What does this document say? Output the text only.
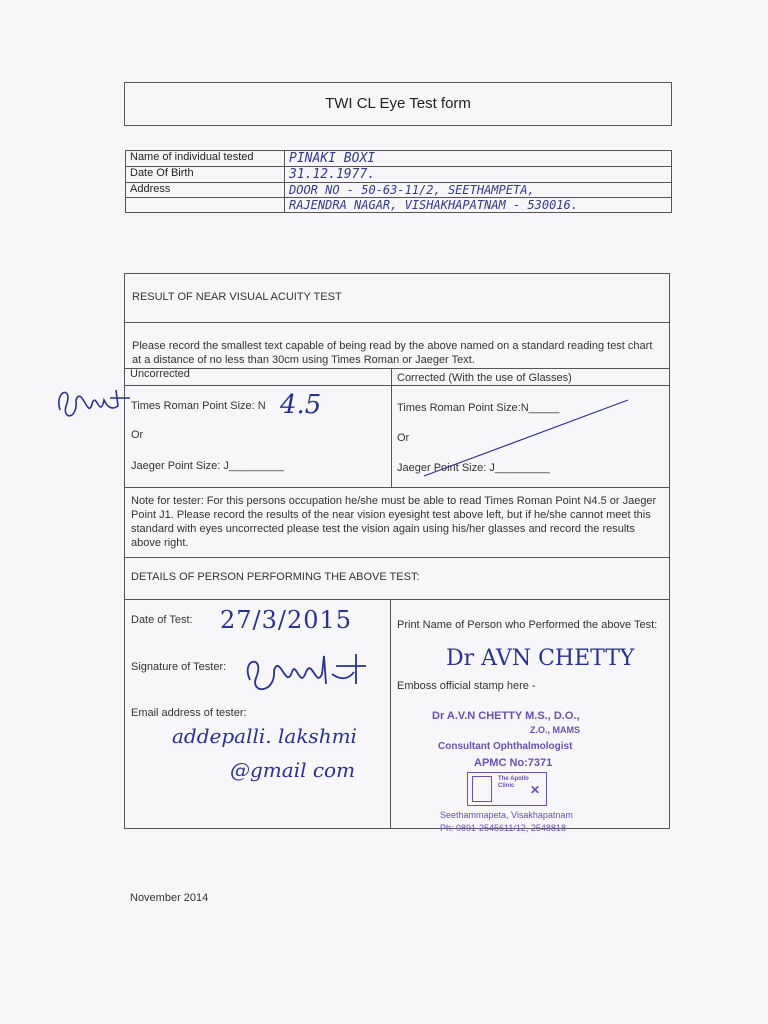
TWI CL Eye Test form
Name of individual tested	PINAKI BOXI
Date Of Birth	31.12.1977.
Address	DOOR NO - 50-63-11/2, SEETHAMPETA,
	RAJENDRA NAGAR, VISHAKHAPATNAM - 530016.
RESULT OF NEAR VISUAL ACUITY TEST
Please record the smallest text capable of being read by the above named on a standard reading test chart at a distance of no less than 30cm using Times Roman or Jaeger Text.
Uncorrected	Corrected (With the use of Glasses)
Times Roman Point Size: N 4.5
Or
Jaeger Point Size: J_________
Times Roman Point Size:N_____
Or
Jaeger Point Size: J_________
Note for tester: For this persons occupation he/she must be able to read Times Roman Point N4.5 or Jaeger Point J1. Please record the results of the near vision eyesight test above left, but if he/she cannot meet this standard with eyes uncorrected please test the vision again using his/her glasses and record the results above right.
DETAILS OF PERSON PERFORMING THE ABOVE TEST:
Date of Test: 27/3/2015
Signature of Tester:
Email address of tester:
addepalli. lakshmi
@gmail com
Print Name of Person who Performed the above Test:
Dr AVN CHETTY
Emboss official stamp here -
Dr A.V.N CHETTY M.S., D.O.,
Z.O., MAMS
Consultant Ophthalmologist
APMC No:7371
The Apollo Clinic	✕
Seethammapeta, Visakhapatnam
Ph: 0891-2545611/12, 2548818
November 2014
